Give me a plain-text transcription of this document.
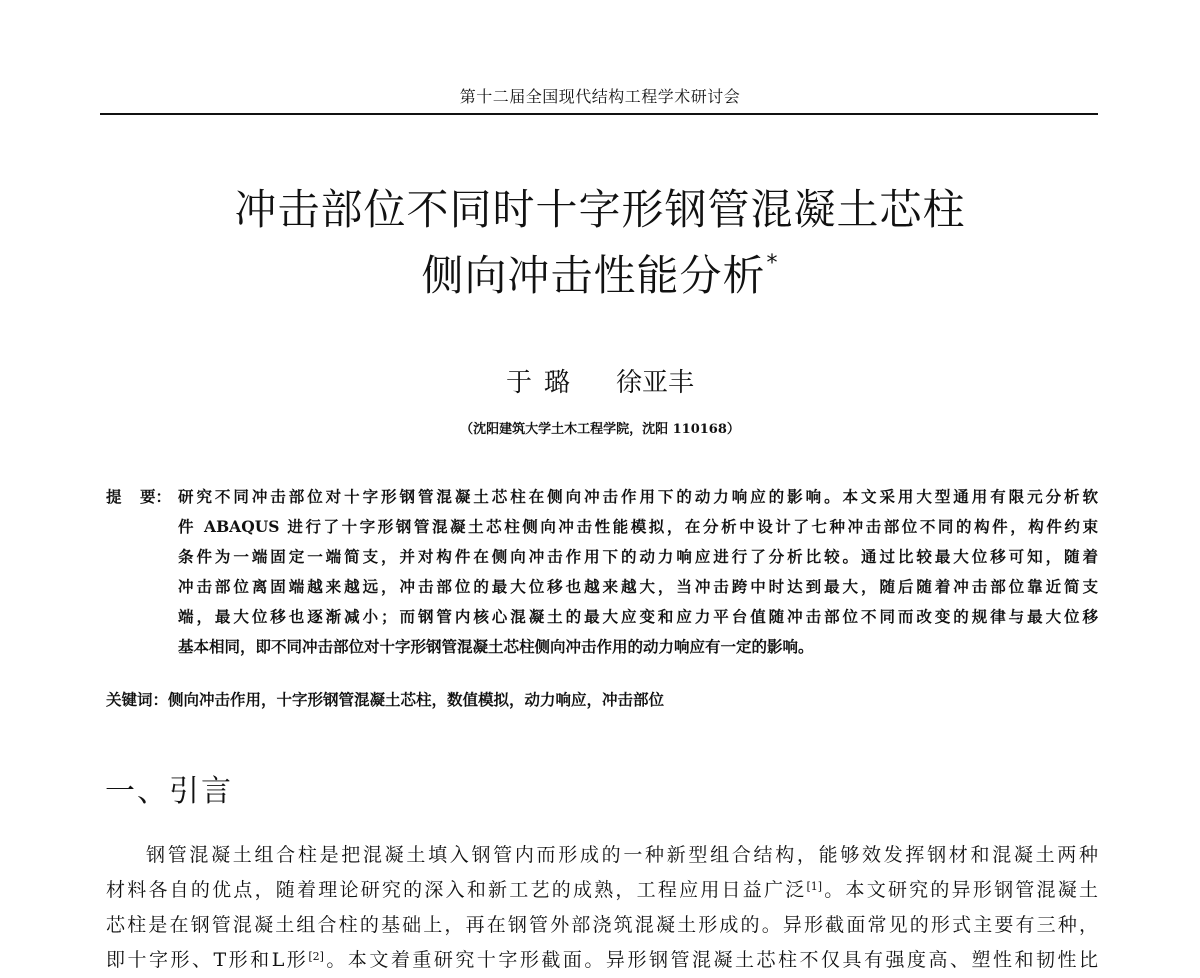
第十二届全国现代结构工程学术研讨会
冲击部位不同时十字形钢管混凝土芯柱
侧向冲击性能分析*
于璐 徐亚丰
（沈阳建筑大学土木工程学院，沈阳 110168）
提 要： 研究不同冲击部位对十字形钢管混凝土芯柱在侧向冲击作用下的动力响应的影响。本文采用大型通用有限元分析软
件 ABAQUS 进行了十字形钢管混凝土芯柱侧向冲击性能模拟，在分析中设计了七种冲击部位不同的构件，构件约束
条件为一端固定一端简支，并对构件在侧向冲击作用下的动力响应进行了分析比较。通过比较最大位移可知，随着
冲击部位离固端越来越远，冲击部位的最大位移也越来越大，当冲击跨中时达到最大，随后随着冲击部位靠近简支
端，最大位移也逐渐减小；而钢管内核心混凝土的最大应变和应力平台值随冲击部位不同而改变的规律与最大位移
基本相同，即不同冲击部位对十字形钢管混凝土芯柱侧向冲击作用的动力响应有一定的影响。
关键词：侧向冲击作用，十字形钢管混凝土芯柱，数值模拟，动力响应，冲击部位
一、引言
钢管混凝土组合柱是把混凝土填入钢管内而形成的一种新型组合结构，能够效发挥钢材和混凝土两种
材料各自的优点，随着理论研究的深入和新工艺的成熟，工程应用日益广泛[1]。本文研究的异形钢管混凝土
芯柱是在钢管混凝土组合柱的基础上，再在钢管外部浇筑混凝土形成的。异形截面常见的形式主要有三种，
即十字形、T形和L形[2]。本文着重研究十字形截面。异形钢管混凝土芯柱不仅具有强度高、塑性和韧性比
